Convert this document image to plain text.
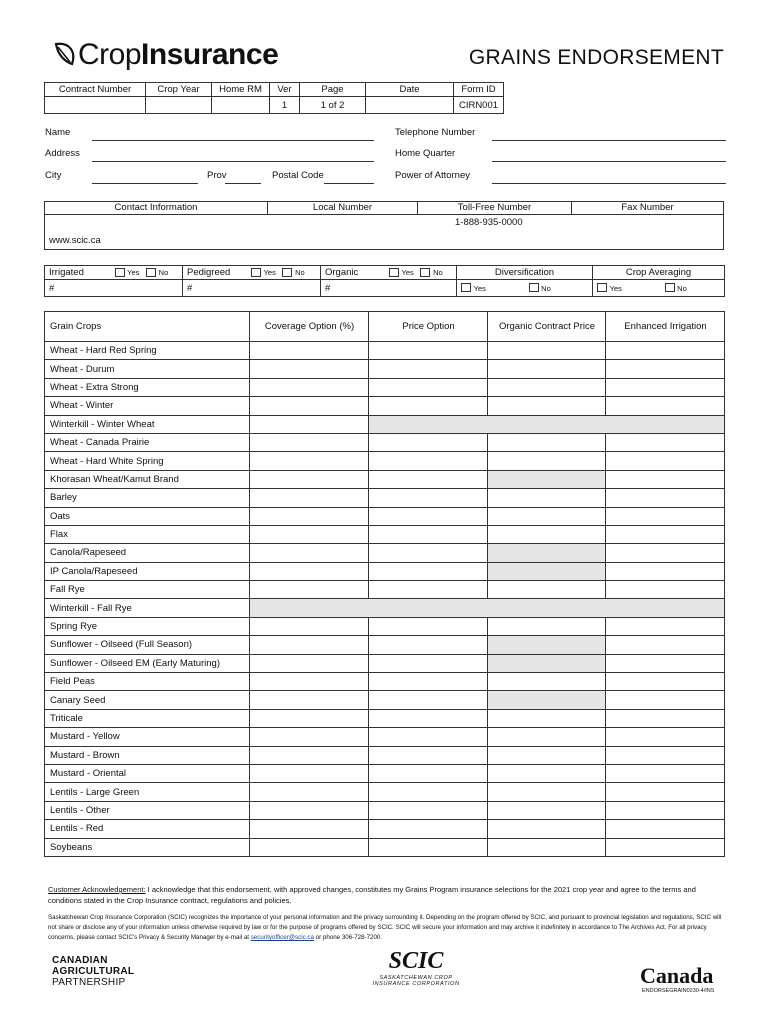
Crop Insurance	GRAINS ENDORSEMENT
Contract Number	Crop Year	Home RM	Ver	Page	Date	Form ID
			1	1 of 2		CIRN001
Name
Address
City	Prov	Postal Code
Telephone Number
Home Quarter
Power of Attorney
Contact Information	Local Number	Toll-Free Number	Fax Number
1-888-935-0000
www.scic.ca
Irrigated Yes No	Pedigreed Yes No	Organic Yes No	Diversification	Crop Averaging
#	#	#	Yes No	Yes No
Grain Crops	Coverage Option (%)	Price Option	Organic Contract Price	Enhanced Irrigation
Wheat - Hard Red Spring				
Wheat - Durum				
Wheat - Extra Strong				
Wheat - Winter				
Winterkill - Winter Wheat				
Wheat - Canada Prairie				
Wheat - Hard White Spring				
Khorasan Wheat/Kamut Brand				
Barley				
Oats				
Flax				
Canola/Rapeseed				
IP Canola/Rapeseed				
Fall Rye				
Winterkill - Fall Rye				
Spring Rye				
Sunflower - Oilseed (Full Season)				
Sunflower - Oilseed EM (Early Maturing)				
Field Peas				
Canary Seed				
Triticale				
Mustard - Yellow				
Mustard - Brown				
Mustard - Oriental				
Lentils - Large Green				
Lentils - Other				
Lentils - Red				
Soybeans				
Customer Acknowledgement: I acknowledge that this endorsement, with approved changes, constitutes my Grains Program insurance selections for the 2021 crop year and agree to the terms and conditions stated in the Crop Insurance contract, regulations and policies.
Saskatchewan Crop Insurance Corporation (SCIC) recognizes the importance of your personal information and the privacy surrounding it. Depending on the program offered by SCIC, and pursuant to provincial legislation and regulations, SCIC will not share or disclose any of your information unless otherwise required by law or for the purpose of programs offered by SCIC. SCIC will secure your information and may archive it indefinitely in accordance to The Archives Act. For all privacy concerns, please contact SCIC's Privacy & Security Manager by e-mail at securityofficer@scic.ca or phone 306-728-7200.
CANADIAN
AGRICULTURAL
PARTNERSHIP
SCIC
SASKATCHEWAN CROP INSURANCE CORPORATION	Canada
ENDORSEGRAIN0230-4/INS
